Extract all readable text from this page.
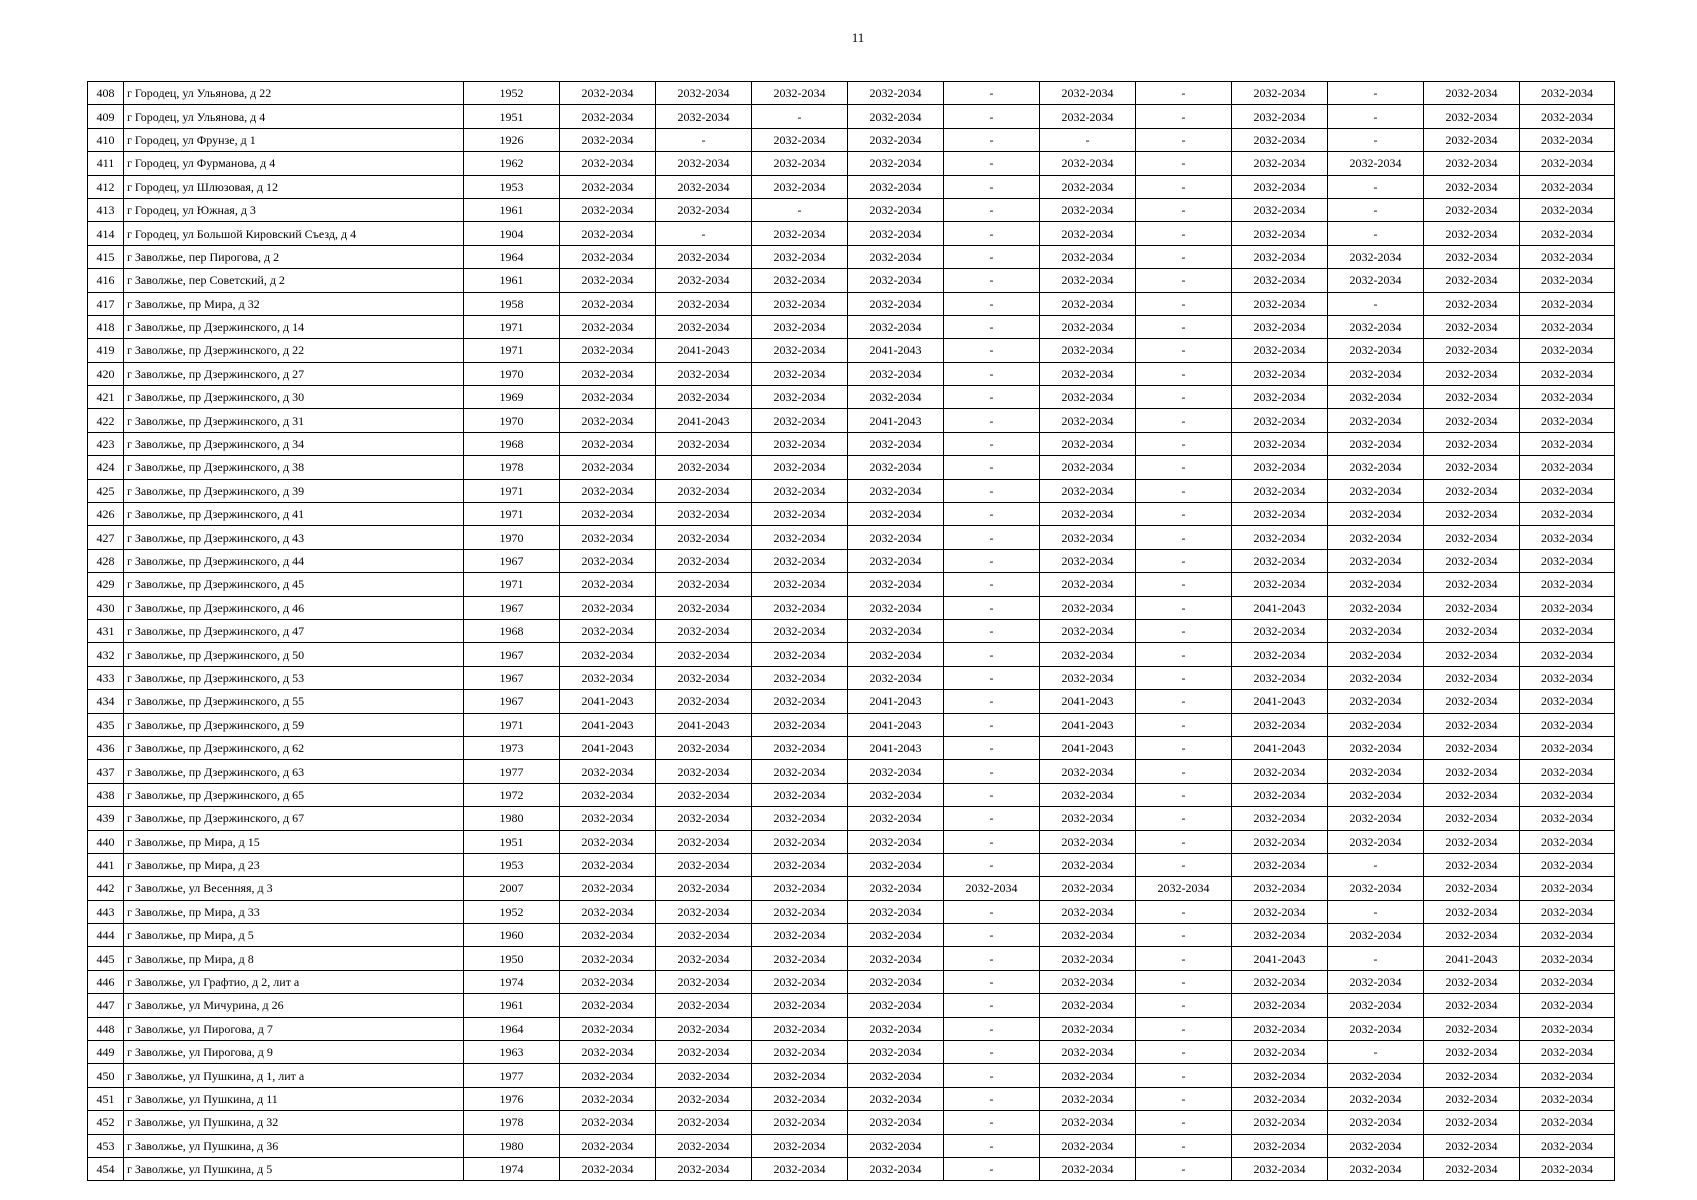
11
408	г Городец, ул Ульянова, д 22	1952	2032-2034	2032-2034	2032-2034	2032-2034	-	2032-2034	-	2032-2034	-	2032-2034	2032-2034
409	г Городец, ул Ульянова, д 4	1951	2032-2034	2032-2034	-	2032-2034	-	2032-2034	-	2032-2034	-	2032-2034	2032-2034
410	г Городец, ул Фрунзе, д 1	1926	2032-2034	-	2032-2034	2032-2034	-	-	-	2032-2034	-	2032-2034	2032-2034
411	г Городец, ул Фурманова, д 4	1962	2032-2034	2032-2034	2032-2034	2032-2034	-	2032-2034	-	2032-2034	2032-2034	2032-2034	2032-2034
412	г Городец, ул Шлюзовая, д 12	1953	2032-2034	2032-2034	2032-2034	2032-2034	-	2032-2034	-	2032-2034	-	2032-2034	2032-2034
413	г Городец, ул Южная, д 3	1961	2032-2034	2032-2034	-	2032-2034	-	2032-2034	-	2032-2034	-	2032-2034	2032-2034
414	г Городец, ул Большой Кировский Съезд, д 4	1904	2032-2034	-	2032-2034	2032-2034	-	2032-2034	-	2032-2034	-	2032-2034	2032-2034
415	г Заволжье, пер Пирогова, д 2	1964	2032-2034	2032-2034	2032-2034	2032-2034	-	2032-2034	-	2032-2034	2032-2034	2032-2034	2032-2034
416	г Заволжье, пер Советский, д 2	1961	2032-2034	2032-2034	2032-2034	2032-2034	-	2032-2034	-	2032-2034	2032-2034	2032-2034	2032-2034
417	г Заволжье, пр Мира, д 32	1958	2032-2034	2032-2034	2032-2034	2032-2034	-	2032-2034	-	2032-2034	-	2032-2034	2032-2034
418	г Заволжье, пр Дзержинского, д 14	1971	2032-2034	2032-2034	2032-2034	2032-2034	-	2032-2034	-	2032-2034	2032-2034	2032-2034	2032-2034
419	г Заволжье, пр Дзержинского, д 22	1971	2032-2034	2041-2043	2032-2034	2041-2043	-	2032-2034	-	2032-2034	2032-2034	2032-2034	2032-2034
420	г Заволжье, пр Дзержинского, д 27	1970	2032-2034	2032-2034	2032-2034	2032-2034	-	2032-2034	-	2032-2034	2032-2034	2032-2034	2032-2034
421	г Заволжье, пр Дзержинского, д 30	1969	2032-2034	2032-2034	2032-2034	2032-2034	-	2032-2034	-	2032-2034	2032-2034	2032-2034	2032-2034
422	г Заволжье, пр Дзержинского, д 31	1970	2032-2034	2041-2043	2032-2034	2041-2043	-	2032-2034	-	2032-2034	2032-2034	2032-2034	2032-2034
423	г Заволжье, пр Дзержинского, д 34	1968	2032-2034	2032-2034	2032-2034	2032-2034	-	2032-2034	-	2032-2034	2032-2034	2032-2034	2032-2034
424	г Заволжье, пр Дзержинского, д 38	1978	2032-2034	2032-2034	2032-2034	2032-2034	-	2032-2034	-	2032-2034	2032-2034	2032-2034	2032-2034
425	г Заволжье, пр Дзержинского, д 39	1971	2032-2034	2032-2034	2032-2034	2032-2034	-	2032-2034	-	2032-2034	2032-2034	2032-2034	2032-2034
426	г Заволжье, пр Дзержинского, д 41	1971	2032-2034	2032-2034	2032-2034	2032-2034	-	2032-2034	-	2032-2034	2032-2034	2032-2034	2032-2034
427	г Заволжье, пр Дзержинского, д 43	1970	2032-2034	2032-2034	2032-2034	2032-2034	-	2032-2034	-	2032-2034	2032-2034	2032-2034	2032-2034
428	г Заволжье, пр Дзержинского, д 44	1967	2032-2034	2032-2034	2032-2034	2032-2034	-	2032-2034	-	2032-2034	2032-2034	2032-2034	2032-2034
429	г Заволжье, пр Дзержинского, д 45	1971	2032-2034	2032-2034	2032-2034	2032-2034	-	2032-2034	-	2032-2034	2032-2034	2032-2034	2032-2034
430	г Заволжье, пр Дзержинского, д 46	1967	2032-2034	2032-2034	2032-2034	2032-2034	-	2032-2034	-	2041-2043	2032-2034	2032-2034	2032-2034
431	г Заволжье, пр Дзержинского, д 47	1968	2032-2034	2032-2034	2032-2034	2032-2034	-	2032-2034	-	2032-2034	2032-2034	2032-2034	2032-2034
432	г Заволжье, пр Дзержинского, д 50	1967	2032-2034	2032-2034	2032-2034	2032-2034	-	2032-2034	-	2032-2034	2032-2034	2032-2034	2032-2034
433	г Заволжье, пр Дзержинского, д 53	1967	2032-2034	2032-2034	2032-2034	2032-2034	-	2032-2034	-	2032-2034	2032-2034	2032-2034	2032-2034
434	г Заволжье, пр Дзержинского, д 55	1967	2041-2043	2032-2034	2032-2034	2041-2043	-	2041-2043	-	2041-2043	2032-2034	2032-2034	2032-2034
435	г Заволжье, пр Дзержинского, д 59	1971	2041-2043	2041-2043	2032-2034	2041-2043	-	2041-2043	-	2032-2034	2032-2034	2032-2034	2032-2034
436	г Заволжье, пр Дзержинского, д 62	1973	2041-2043	2032-2034	2032-2034	2041-2043	-	2041-2043	-	2041-2043	2032-2034	2032-2034	2032-2034
437	г Заволжье, пр Дзержинского, д 63	1977	2032-2034	2032-2034	2032-2034	2032-2034	-	2032-2034	-	2032-2034	2032-2034	2032-2034	2032-2034
438	г Заволжье, пр Дзержинского, д 65	1972	2032-2034	2032-2034	2032-2034	2032-2034	-	2032-2034	-	2032-2034	2032-2034	2032-2034	2032-2034
439	г Заволжье, пр Дзержинского, д 67	1980	2032-2034	2032-2034	2032-2034	2032-2034	-	2032-2034	-	2032-2034	2032-2034	2032-2034	2032-2034
440	г Заволжье, пр Мира, д 15	1951	2032-2034	2032-2034	2032-2034	2032-2034	-	2032-2034	-	2032-2034	2032-2034	2032-2034	2032-2034
441	г Заволжье, пр Мира, д 23	1953	2032-2034	2032-2034	2032-2034	2032-2034	-	2032-2034	-	2032-2034	-	2032-2034	2032-2034
442	г Заволжье, ул Весенняя, д 3	2007	2032-2034	2032-2034	2032-2034	2032-2034	2032-2034	2032-2034	2032-2034	2032-2034	2032-2034	2032-2034	2032-2034
443	г Заволжье, пр Мира, д 33	1952	2032-2034	2032-2034	2032-2034	2032-2034	-	2032-2034	-	2032-2034	-	2032-2034	2032-2034
444	г Заволжье, пр Мира, д 5	1960	2032-2034	2032-2034	2032-2034	2032-2034	-	2032-2034	-	2032-2034	2032-2034	2032-2034	2032-2034
445	г Заволжье, пр Мира, д 8	1950	2032-2034	2032-2034	2032-2034	2032-2034	-	2032-2034	-	2041-2043	-	2041-2043	2032-2034
446	г Заволжье, ул Графтио, д 2, лит а	1974	2032-2034	2032-2034	2032-2034	2032-2034	-	2032-2034	-	2032-2034	2032-2034	2032-2034	2032-2034
447	г Заволжье, ул Мичурина, д 26	1961	2032-2034	2032-2034	2032-2034	2032-2034	-	2032-2034	-	2032-2034	2032-2034	2032-2034	2032-2034
448	г Заволжье, ул Пирогова, д 7	1964	2032-2034	2032-2034	2032-2034	2032-2034	-	2032-2034	-	2032-2034	2032-2034	2032-2034	2032-2034
449	г Заволжье, ул Пирогова, д 9	1963	2032-2034	2032-2034	2032-2034	2032-2034	-	2032-2034	-	2032-2034	-	2032-2034	2032-2034
450	г Заволжье, ул Пушкина, д 1, лит а	1977	2032-2034	2032-2034	2032-2034	2032-2034	-	2032-2034	-	2032-2034	2032-2034	2032-2034	2032-2034
451	г Заволжье, ул Пушкина, д 11	1976	2032-2034	2032-2034	2032-2034	2032-2034	-	2032-2034	-	2032-2034	2032-2034	2032-2034	2032-2034
452	г Заволжье, ул Пушкина, д 32	1978	2032-2034	2032-2034	2032-2034	2032-2034	-	2032-2034	-	2032-2034	2032-2034	2032-2034	2032-2034
453	г Заволжье, ул Пушкина, д 36	1980	2032-2034	2032-2034	2032-2034	2032-2034	-	2032-2034	-	2032-2034	2032-2034	2032-2034	2032-2034
454	г Заволжье, ул Пушкина, д 5	1974	2032-2034	2032-2034	2032-2034	2032-2034	-	2032-2034	-	2032-2034	2032-2034	2032-2034	2032-2034
